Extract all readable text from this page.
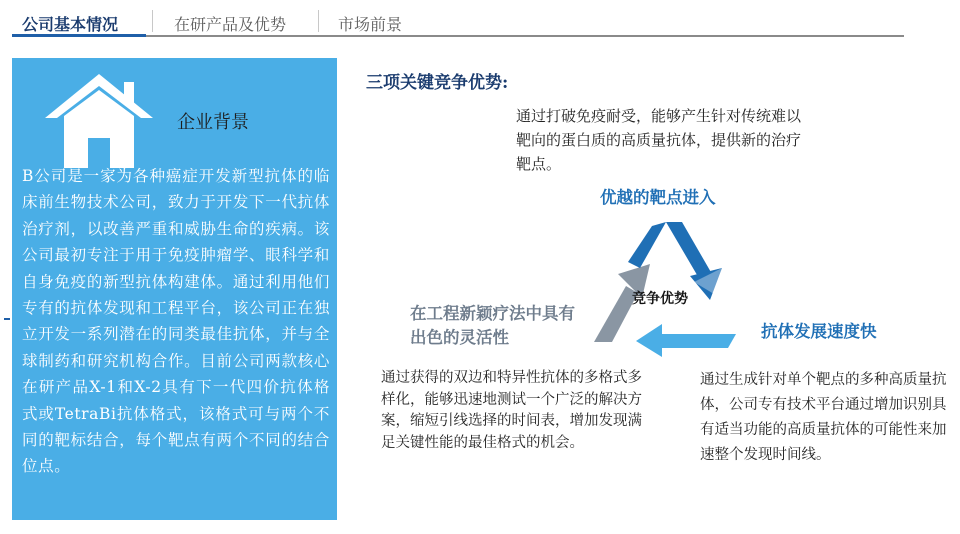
公司基本情况	在研产品及优势	市场前景
企业背景
B公司是一家为各种癌症开发新型抗体的临床前生物技术公司，致力于开发下一代抗体治疗剂，以改善严重和威胁生命的疾病。该公司最初专注于用于免疫肿瘤学、眼科学和自身免疫的新型抗体构建体。通过利用他们专有的抗体发现和工程平台，该公司正在独立开发一系列潜在的同类最佳抗体，并与全球制药和研究机构合作。目前公司两款核心在研产品X-1和X-2具有下一代四价抗体格式或TetraBi抗体格式，该格式可与两个不同的靶标结合，每个靶点有两个不同的结合位点。
三项关键竞争优势:
通过打破免疫耐受，能够产生针对传统难以靶向的蛋白质的高质量抗体，提供新的治疗靶点。
优越的靶点进入
竞争优势
在工程新颖疗法中具有出色的灵活性	抗体发展速度快
通过获得的双边和特异性抗体的多格式多样化，能够迅速地测试一个广泛的解决方案，缩短引线选择的时间表，增加发现满足关键性能的最佳格式的机会。
通过生成针对单个靶点的多种高质量抗体，公司专有技术平台通过增加识别具有适当功能的高质量抗体的可能性来加速整个发现时间线。
